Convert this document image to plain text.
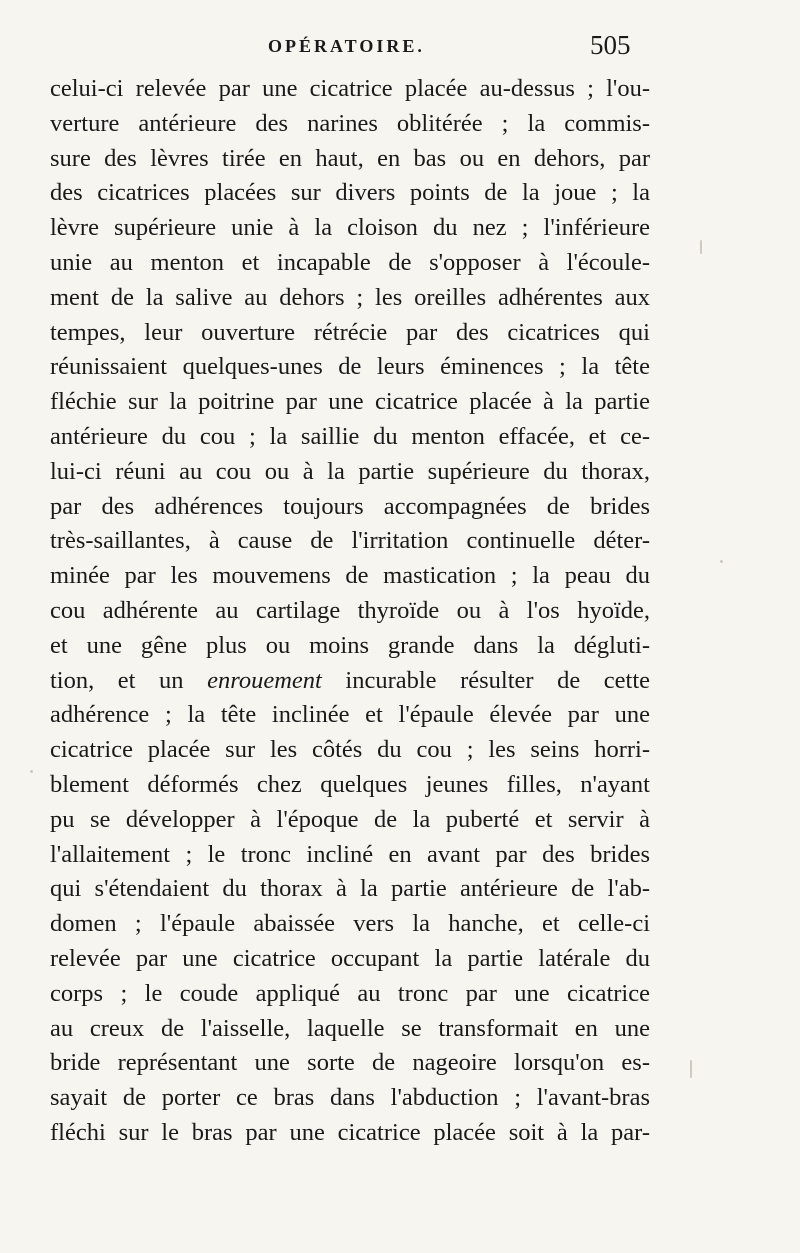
OPÉRATOIRE.	505
celui-ci relevée par une cicatrice placée au-dessus ; l'ou-
verture antérieure des narines oblitérée ; la commis-
sure des lèvres tirée en haut, en bas ou en dehors, par
des cicatrices placées sur divers points de la joue ; la
lèvre supérieure unie à la cloison du nez ; l'inférieure
unie au menton et incapable de s'opposer à l'écoule-
ment de la salive au dehors ; les oreilles adhérentes aux
tempes, leur ouverture rétrécie par des cicatrices qui
réunissaient quelques-unes de leurs éminences ; la tête
fléchie sur la poitrine par une cicatrice placée à la partie
antérieure du cou ; la saillie du menton effacée, et ce-
lui-ci réuni au cou ou à la partie supérieure du thorax,
par des adhérences toujours accompagnées de brides
très-saillantes, à cause de l'irritation continuelle déter-
minée par les mouvemens de mastication ; la peau du
cou adhérente au cartilage thyroïde ou à l'os hyoïde,
et une gêne plus ou moins grande dans la dégluti-
tion, et un enrouement incurable résulter de cette
adhérence ; la tête inclinée et l'épaule élevée par une
cicatrice placée sur les côtés du cou ; les seins horri-
blement déformés chez quelques jeunes filles, n'ayant
pu se développer à l'époque de la puberté et servir à
l'allaitement ; le tronc incliné en avant par des brides
qui s'étendaient du thorax à la partie antérieure de l'ab-
domen ; l'épaule abaissée vers la hanche, et celle-ci
relevée par une cicatrice occupant la partie latérale du
corps ; le coude appliqué au tronc par une cicatrice
au creux de l'aisselle, laquelle se transformait en une
bride représentant une sorte de nageoire lorsqu'on es-
sayait de porter ce bras dans l'abduction ; l'avant-bras
fléchi sur le bras par une cicatrice placée soit à la par-
